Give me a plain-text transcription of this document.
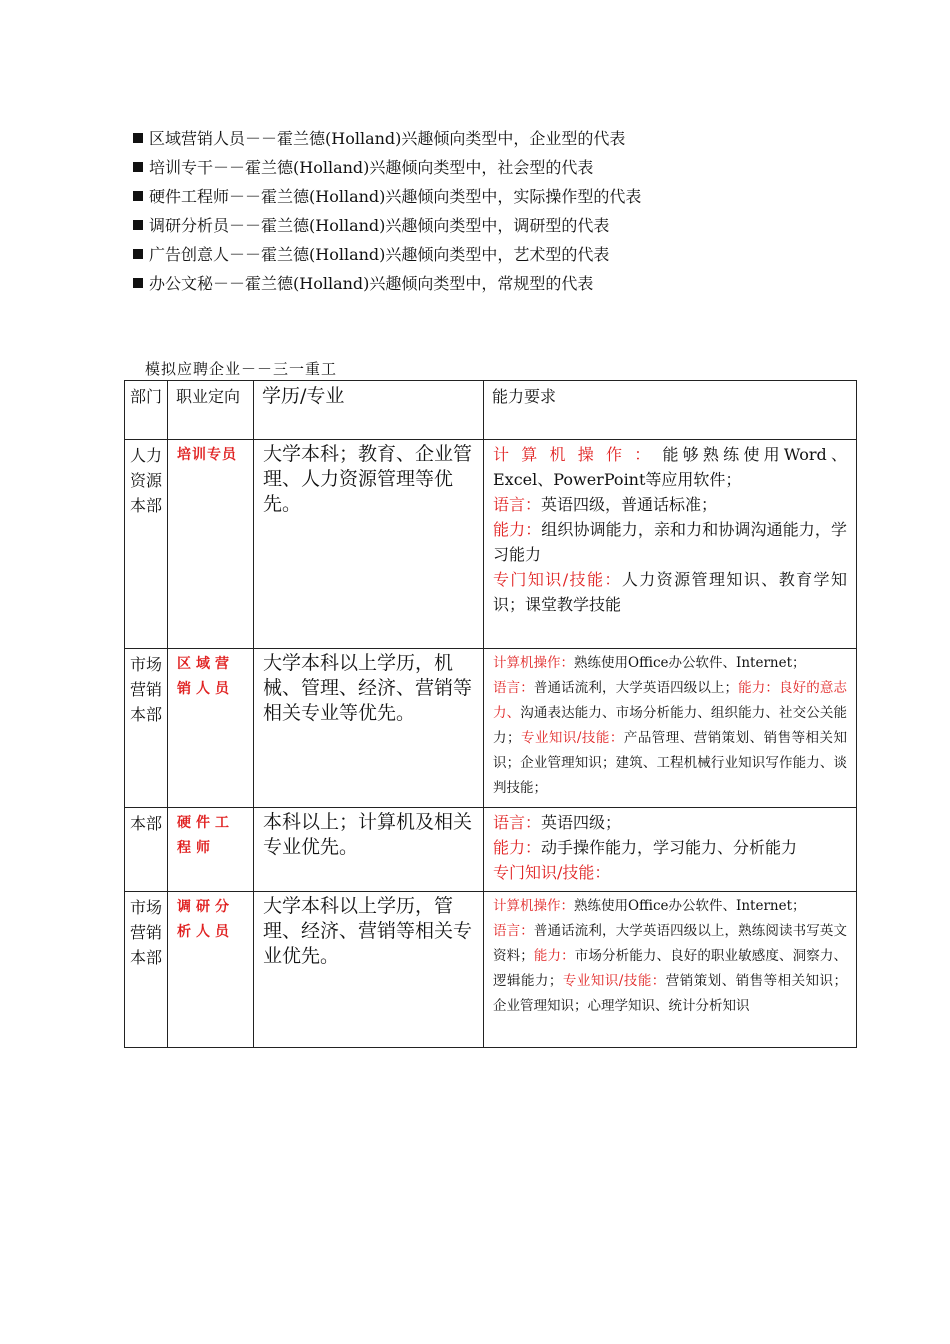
区域营销人员－－霍兰德(Holland)兴趣倾向类型中，企业型的代表
培训专干－－霍兰德(Holland)兴趣倾向类型中，社会型的代表
硬件工程师－－霍兰德(Holland)兴趣倾向类型中，实际操作型的代表
调研分析员－－霍兰德(Holland)兴趣倾向类型中，调研型的代表
广告创意人－－霍兰德(Holland)兴趣倾向类型中，艺术型的代表
办公文秘－－霍兰德(Holland)兴趣倾向类型中，常规型的代表
模拟应聘企业－－三一重工
部门	职业定向	学历/专业	能力要求
人力资源本部	培训专员	大学本科；教育、企业管理、人力资源管理等优先。	计算机操作：能够熟练使用Word、Excel、PowerPoint等应用软件；
语言：英语四级，普通话标准；
能力：组织协调能力，亲和力和协调沟通能力，学习能力
专门知识/技能：人力资源管理知识、教育学知识；课堂教学技能
市场营销本部	区域营销人员	大学本科以上学历，机械、管理、经济、营销等相关专业等优先。	计算机操作：熟练使用Office办公软件、Internet；
语言：普通话流利，大学英语四级以上；能力：良好的意志力、沟通表达能力、市场分析能力、组织能力、社交公关能力；专业知识/技能：产品管理、营销策划、销售等相关知识；企业管理知识；建筑、工程机械行业知识写作能力、谈判技能；
本部	硬件工程师	本科以上；计算机及相关专业优先。	语言：英语四级；
能力：动手操作能力，学习能力、分析能力
专门知识/技能：
市场营销本部	调研分析人员	大学本科以上学历，管理、经济、营销等相关专业优先。	计算机操作：熟练使用Office办公软件、Internet；
语言：普通话流利，大学英语四级以上，熟练阅读书写英文资料；能力：市场分析能力、良好的职业敏感度、洞察力、逻辑能力；专业知识/技能：营销策划、销售等相关知识；企业管理知识；心理学知识、统计分析知识
